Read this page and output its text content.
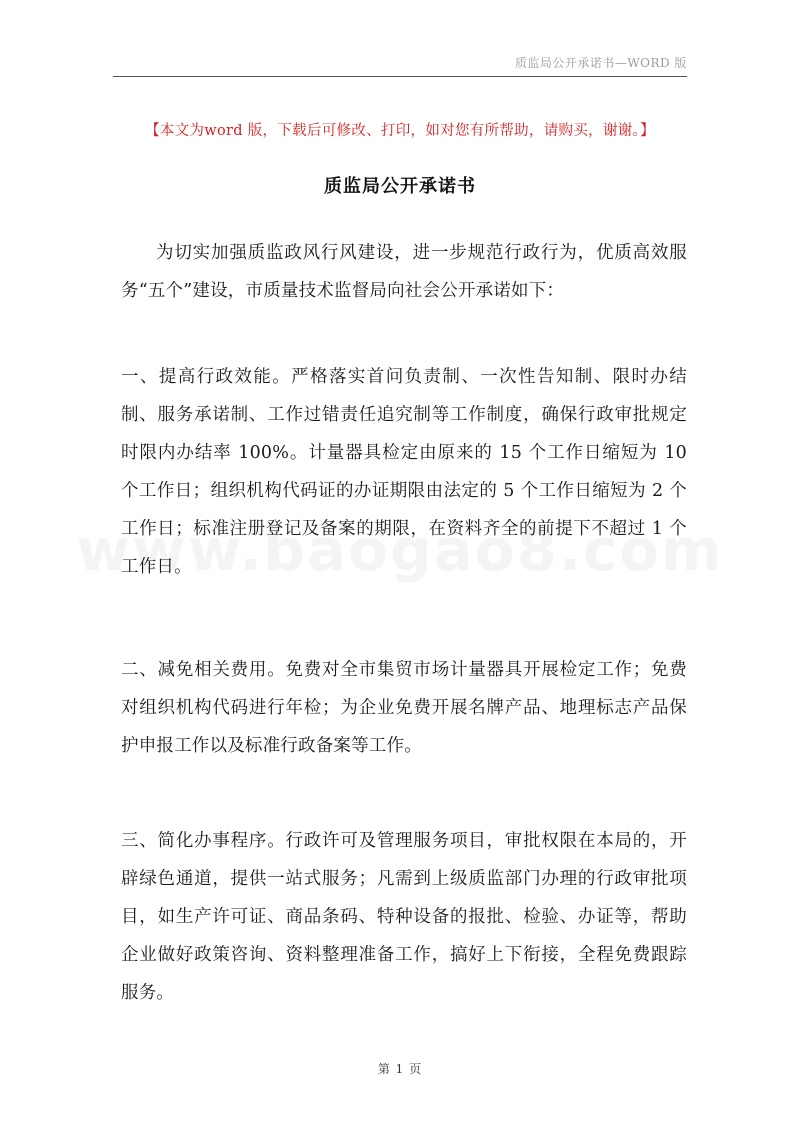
质监局公开承诺书—WORD 版
【本文为word 版，下载后可修改、打印，如对您有所帮助，请购买，谢谢。】
质监局公开承诺书

为切实加强质监政风行风建设，进一步规范行政行为，优质高效服务“五个”建设，市质量技术监督局向社会公开承诺如下：

一、提高行政效能。严格落实首问负责制、一次性告知制、限时办结制、服务承诺制、工作过错责任追究制等工作制度，确保行政审批规定时限内办结率 100%。计量器具检定由原来的 15 个工作日缩短为 10 个工作日；组织机构代码证的办证期限由法定的 5 个工作日缩短为 2 个工作日；标准注册登记及备案的期限，在资料齐全的前提下不超过 1 个工作日。

二、减免相关费用。免费对全市集贸市场计量器具开展检定工作；免费对组织机构代码进行年检；为企业免费开展名牌产品、地理标志产品保护申报工作以及标准行政备案等工作。

三、简化办事程序。行政许可及管理服务项目，审批权限在本局的，开辟绿色通道，提供一站式服务；凡需到上级质监部门办理的行政审批项目，如生产许可证、商品条码、特种设备的报批、检验、办证等，帮助企业做好政策咨询、资料整理准备工作，搞好上下衔接，全程免费跟踪服务。

第 1 页
